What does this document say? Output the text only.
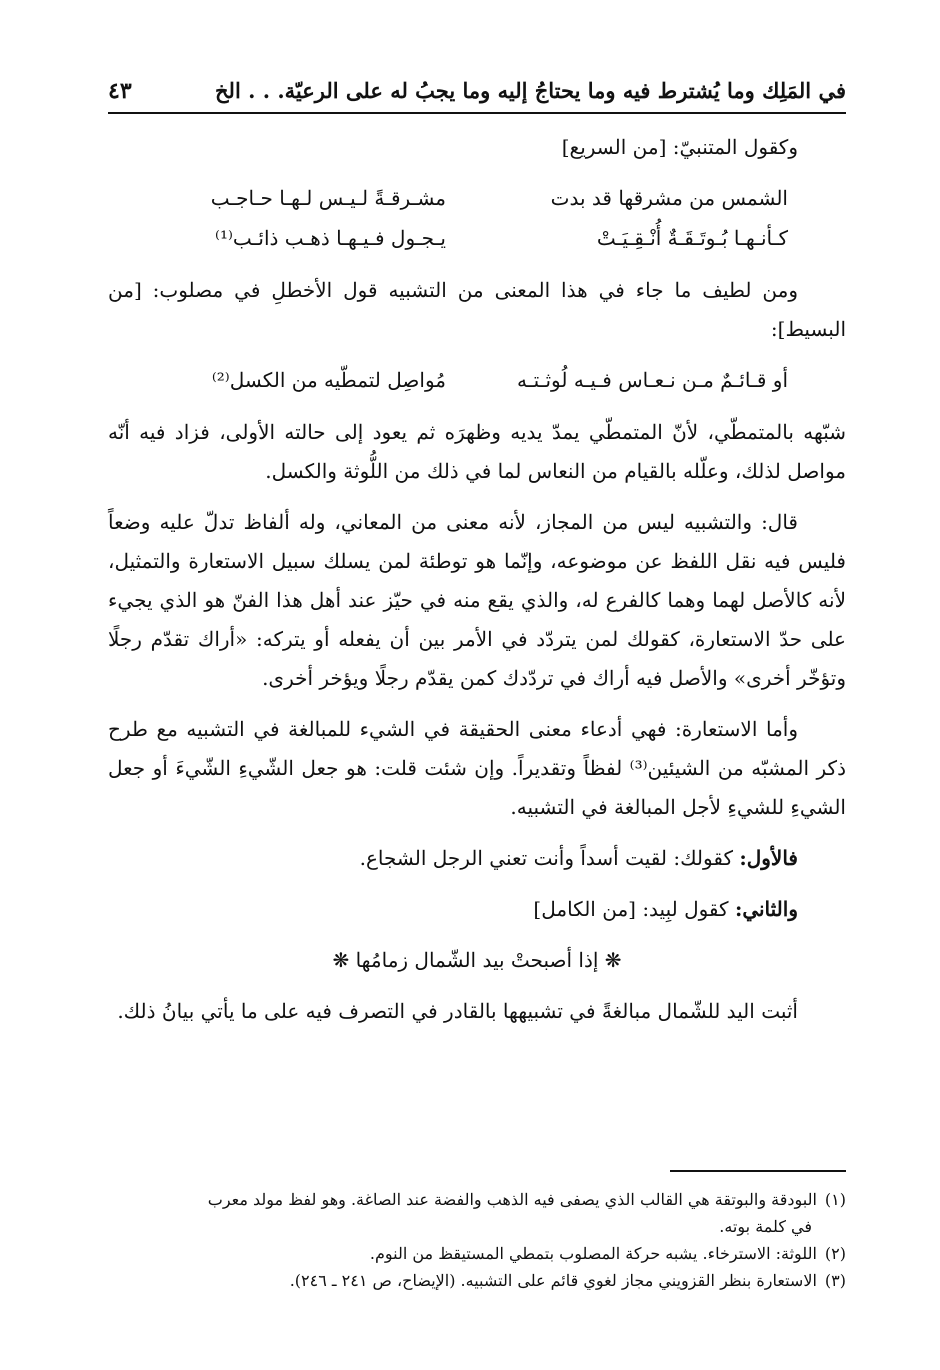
في المَلِك وما يُشترط فيه وما يحتاجُ إليه وما يجبُ له على الرعيّة. . . الخ
٤٣

وكقول المتنبيّ: [من السريع]

الشمس من مشرقها قد بدت
مشـرقـةً لـيـس لـهـا حـاجـب
كـأنـهـا بُـوتَـقَـةٌ أُنْـقِـيَـتْ
يـجـول فـيـهـا ذهـب ذائـب⁽¹⁾

ومن لطيف ما جاء في هذا المعنى من التشبيه قول الأخطلِ في مصلوب: [من البسيط]:

أو قـائـمٌ مـن نـعـاس فـيـه لُوثـتـه
مُواصِل لتمطّيه من الكسل⁽²⁾

شبّهه بالمتمطّي، لأنّ المتمطّي يمدّ يديه وظهرَه ثم يعود إلى حالته الأولى، فزاد فيه أنّه مواصل لذلك، وعلّله بالقيام من النعاس لما في ذلك من اللُّوثة والكسل.

قال: والتشبيه ليس من المجاز، لأنه معنى من المعاني، وله ألفاظ تدلّ عليه وضعاً فليس فيه نقل اللفظ عن موضوعه، وإنّما هو توطئة لمن يسلك سبيل الاستعارة والتمثيل، لأنه كالأصل لهما وهما كالفرع له، والذي يقع منه في حيّز عند أهل هذا الفنّ هو الذي يجيء على حدّ الاستعارة، كقولك لمن يتردّد في الأمر بين أن يفعله أو يتركه: «أراك تقدّم رجلًا وتؤخّر أخرى» والأصل فيه أراك في تردّدك كمن يقدّم رجلًا ويؤخر أخرى.

وأما الاستعارة: فهي أدعاء معنى الحقيقة في الشيء للمبالغة في التشبيه مع طرح ذكر المشبّه من الشيئين⁽³⁾ لفظاً وتقديراً. وإن شئت قلت: هو جعل الشّيءِ الشّيءَ أو جعل الشيءِ للشيءِ لأجل المبالغة في التشبيه.

فالأول: كقولك: لقيت أسداً وأنت تعني الرجل الشجاع.

والثاني: كقول لبِيد: [من الكامل]

❋ إذا أصبحتْ بيد الشّمال زمامُها ❋

أثبت اليد للشّمال مبالغةً في تشبيهها بالقادر في التصرف فيه على ما يأتي بيانُ ذلك.

(١)البودقة والبوتقة هي القالب الذي يصفى فيه الذهب والفضة عند الصاغة. وهو لفظ مولد معرب

في كلمة بوته.

(٢)اللوثة: الاسترخاء. يشبه حركة المصلوب بتمطي المستيقظ من النوم.

(٣)الاستعارة بنظر القزويني مجاز لغوي قائم على التشبيه. (الإيضاح، ص ٢٤١ ـ ٢٤٦).
